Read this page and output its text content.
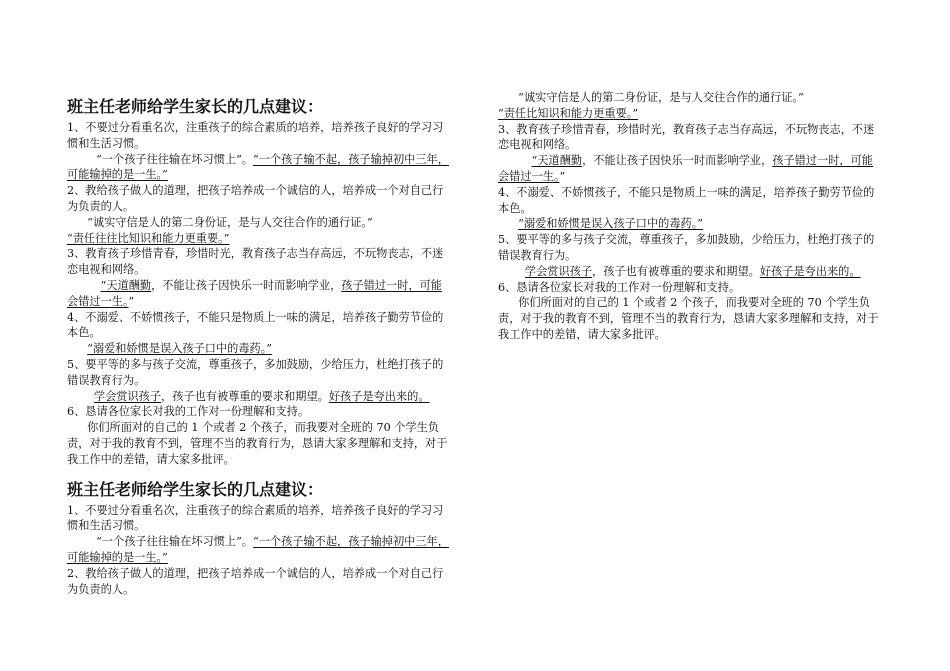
班主任老师给学生家长的几点建议：

1、不要过分看重名次，注重孩子的综合素质的培养，培养孩子良好的学习习惯和生活习惯。

“一个孩子往往输在坏习惯上”。“一个孩子输不起，孩子输掉初中三年，可能输掉的是一生。”

2、教给孩子做人的道理，把孩子培养成一个诚信的人，培养成一个对自己行为负责的人。

“诚实守信是人的第二身份证，是与人交往合作的通行证。”

“责任往往比知识和能力更重要。”

3、教育孩子珍惜青春，珍惜时光，教育孩子志当存高远，不玩物丧志，不迷恋电视和网络。

“天道酬勤，不能让孩子因快乐一时而影响学业，孩子错过一时，可能会错过一生。”

4、不溺爱、不娇惯孩子，不能只是物质上一味的满足，培养孩子勤劳节俭的本色。

“溺爱和娇惯是误入孩子口中的毒药。”

5、要平等的多与孩子交流，尊重孩子，多加鼓励，少给压力，杜绝打孩子的错误教育行为。

学会赏识孩子，孩子也有被尊重的要求和期望。好孩子是夸出来的。

6、恳请各位家长对我的工作对一份理解和支持。

你们所面对的自己的 1 个或者 2 个孩子，而我要对全班的 70 个学生负责，对于我的教育不到，管理不当的教育行为，恳请大家多理解和支持，对于我工作中的差错，请大家多批评。

班主任老师给学生家长的几点建议：

1、不要过分看重名次，注重孩子的综合素质的培养，培养孩子良好的学习习惯和生活习惯。

“一个孩子往往输在坏习惯上”。“一个孩子输不起，孩子输掉初中三年，可能输掉的是一生。”

2、教给孩子做人的道理，把孩子培养成一个诚信的人，培养成一个对自己行为负责的人。

“诚实守信是人的第二身份证，是与人交往合作的通行证。”

“责任比知识和能力更重要。”

3、教育孩子珍惜青春，珍惜时光，教育孩子志当存高远，不玩物丧志，不迷恋电视和网络。

“天道酬勤，不能让孩子因快乐一时而影响学业，孩子错过一时，可能会错过一生。”

4、不溺爱、不娇惯孩子，不能只是物质上一味的满足，培养孩子勤劳节俭的本色。

“溺爱和娇惯是误入孩子口中的毒药。”

5、要平等的多与孩子交流，尊重孩子，多加鼓励，少给压力，杜绝打孩子的错误教育行为。

学会赏识孩子，孩子也有被尊重的要求和期望。好孩子是夸出来的。

6、恳请各位家长对我的工作对一份理解和支持。

你们所面对的自己的 1 个或者 2 个孩子，而我要对全班的 70 个学生负责，对于我的教育不到，管理不当的教育行为，恳请大家多理解和支持，对于我工作中的差错，请大家多批评。
